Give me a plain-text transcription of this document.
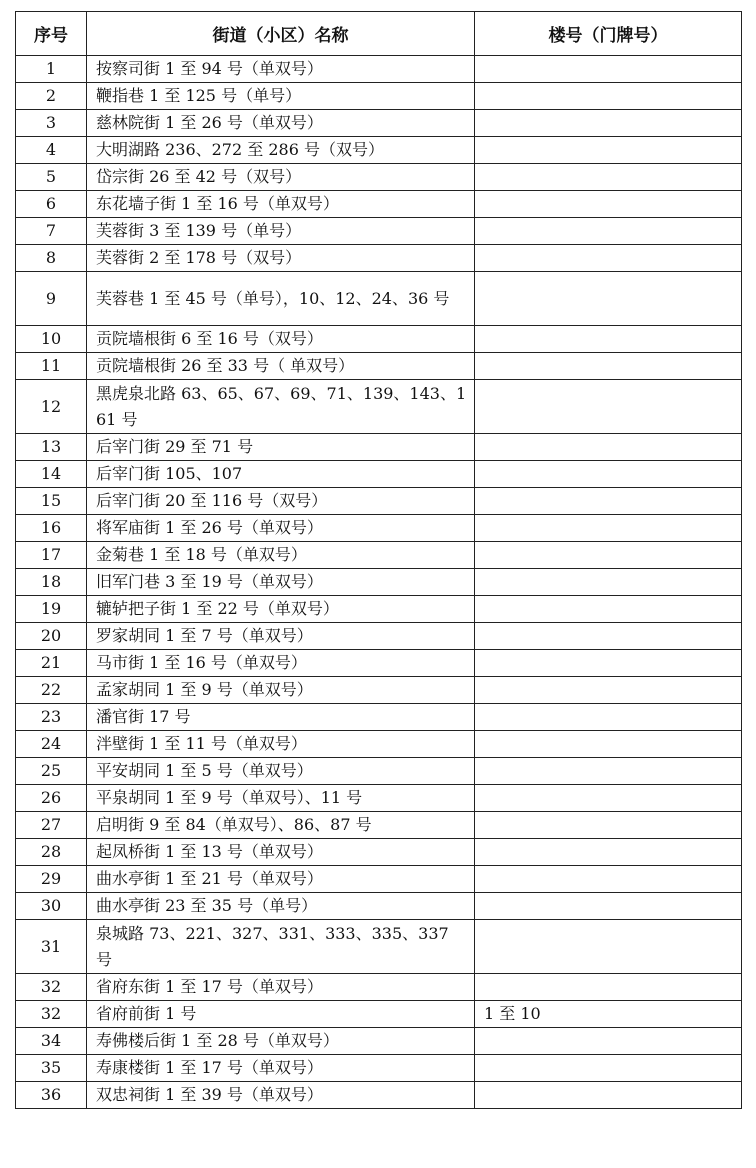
序号	街道（小区）名称	楼号（门牌号）
1	按察司街 1 至 94 号（单双号）	
2	鞭指巷 1 至 125 号（单号）	
3	慈林院街 1 至 26 号（单双号）	
4	大明湖路 236、272 至 286 号（双号）	
5	岱宗街 26 至 42 号（双号）	
6	东花墙子街 1 至 16 号（单双号）	
7	芙蓉街 3 至 139 号（单号）	
8	芙蓉街 2 至 178 号（双号）	
9	芙蓉巷 1 至 45 号（单号），10、12、24、36 号	
10	贡院墙根街 6 至 16 号（双号）	
11	贡院墙根街 26 至 33 号（ 单双号）	
12	黑虎泉北路 63、65、67、69、71、139、143、161 号	
13	后宰门街 29 至 71 号	
14	后宰门街 105、107	
15	后宰门街 20 至 116 号（双号）	
16	将军庙街 1 至 26 号（单双号）	
17	金菊巷 1 至 18 号（单双号）	
18	旧军门巷 3 至 19 号（单双号）	
19	辘轳把子街 1 至 22 号（单双号）	
20	罗家胡同 1 至 7 号（单双号）	
21	马市街 1 至 16 号（单双号）	
22	孟家胡同 1 至 9 号（单双号）	
23	潘官街 17 号	
24	泮壁街 1 至 11 号（单双号）	
25	平安胡同 1 至 5 号（单双号）	
26	平泉胡同 1 至 9 号（单双号）、11 号	
27	启明街 9 至 84（单双号）、86、87 号	
28	起凤桥街 1 至 13 号（单双号）	
29	曲水亭街 1 至 21 号（单双号）	
30	曲水亭街 23 至 35 号（单号）	
31	泉城路 73、221、327、331、333、335、337 号	
32	省府东街 1 至 17 号（单双号）	
32	省府前街 1 号	1 至 10
34	寿佛楼后街 1 至 28 号（单双号）	
35	寿康楼街 1 至 17 号（单双号）	
36	双忠祠街 1 至 39 号（单双号）	
